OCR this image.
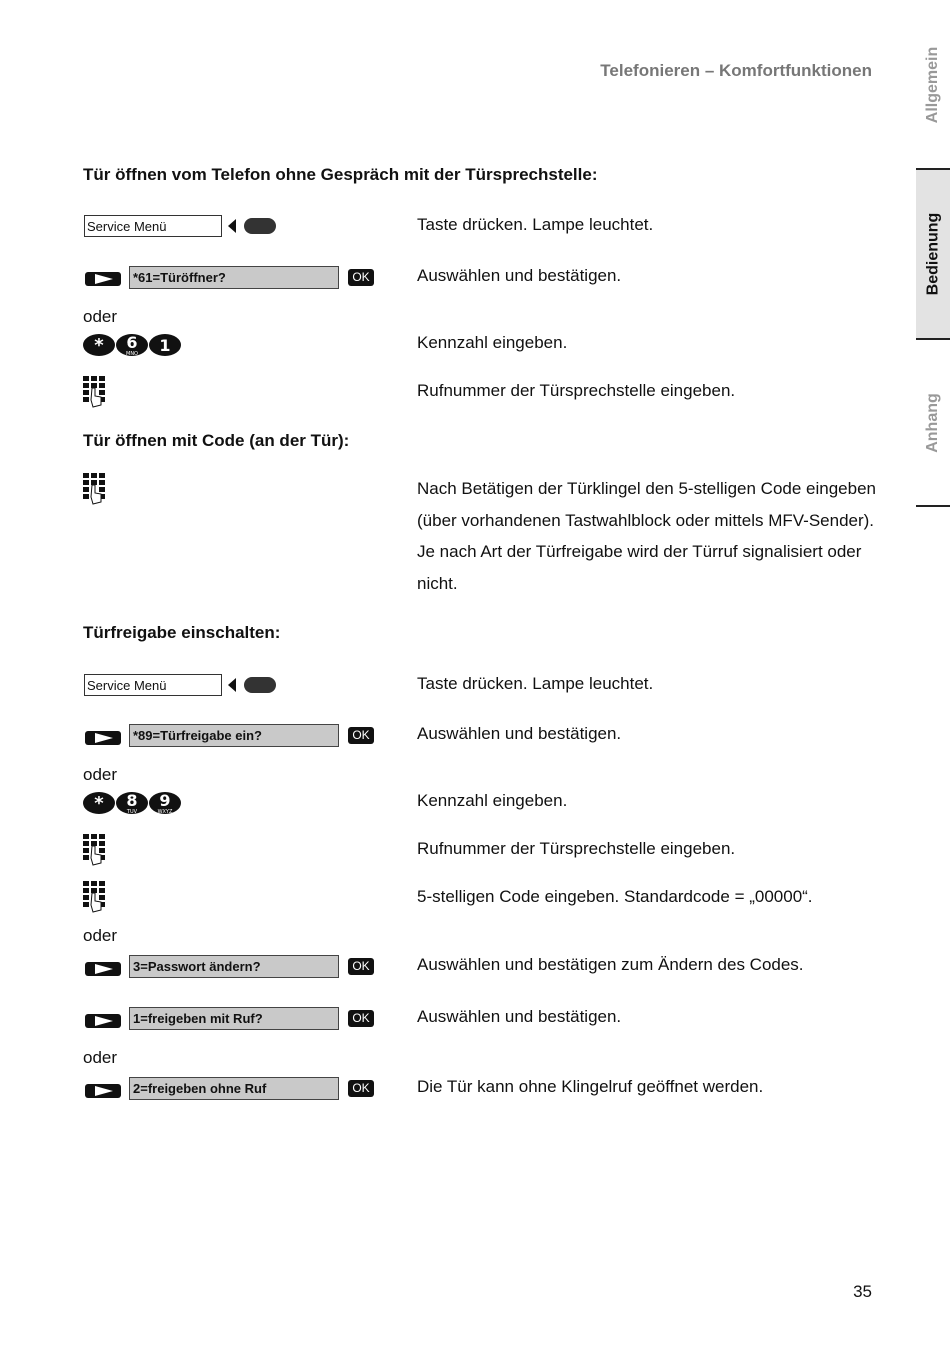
Telefonieren – Komfortfunktionen	Allgemein
Bedienung
Anhang
Tür öffnen vom Telefon ohne Gespräch mit der Türsprechstelle:
Service Menü	Taste drücken. Lampe leuchtet.
*61=Türöffner?	OK	Auswählen und bestätigen.
oder
* 6
MNO 1	Kennzahl eingeben.
Rufnummer der Türsprechstelle eingeben.
Tür öffnen mit Code (an der Tür):
Nach Betätigen der Türklingel den 5-stelligen Code eingeben
(über vorhandenen Tastwahlblock oder mittels MFV-Sender).
Je nach Art der Türfreigabe wird der Türruf signalisiert oder
nicht.
Türfreigabe einschalten:
Service Menü	Taste drücken. Lampe leuchtet.
*89=Türfreigabe ein?	OK	Auswählen und bestätigen.
oder
* 8
TUV
9
WXYZ
Kennzahl eingeben.
Rufnummer der Türsprechstelle eingeben.
5-stelligen Code eingeben. Standardcode = „00000“.
oder
3=Passwort ändern?	OK	Auswählen und bestätigen zum Ändern des Codes.
1=freigeben mit Ruf?	OK	Auswählen und bestätigen.
oder
2=freigeben ohne Ruf	OK	Die Tür kann ohne Klingelruf geöffnet werden.
35
